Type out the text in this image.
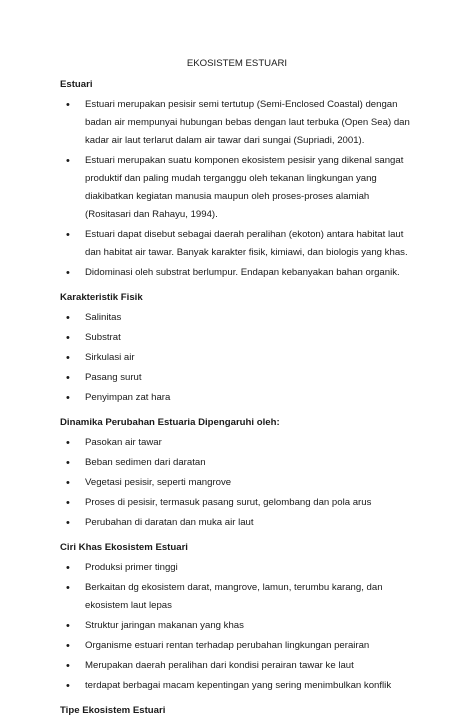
EKOSISTEM ESTUARI
Estuari
• Estuari merupakan pesisir semi tertutup (Semi-Enclosed Coastal) dengan badan air mempunyai hubungan bebas dengan laut terbuka (Open Sea) dan kadar air laut terlarut dalam air tawar dari sungai (Supriadi, 2001).
• Estuari merupakan suatu komponen ekosistem pesisir yang dikenal sangat produktif dan paling mudah terganggu oleh tekanan lingkungan yang diakibatkan kegiatan manusia maupun oleh proses-proses alamiah (Rositasari dan Rahayu, 1994).
• Estuari dapat disebut sebagai daerah peralihan (ekoton) antara habitat laut dan habitat air tawar. Banyak karakter fisik, kimiawi, dan biologis yang khas.
• Didominasi oleh substrat berlumpur. Endapan kebanyakan bahan organik.
Karakteristik Fisik
• Salinitas
• Substrat
• Sirkulasi air
• Pasang surut
• Penyimpan zat hara
Dinamika Perubahan Estuaria Dipengaruhi oleh:
• Pasokan air tawar
• Beban sedimen dari daratan
• Vegetasi pesisir, seperti mangrove
• Proses di pesisir, termasuk pasang surut, gelombang dan pola arus
• Perubahan di daratan dan muka air laut
Ciri Khas Ekosistem Estuari
• Produksi primer tinggi
• Berkaitan dg ekosistem darat, mangrove, lamun, terumbu karang, dan ekosistem laut lepas
• Struktur jaringan makanan yang khas
• Organisme estuari rentan terhadap perubahan lingkungan perairan
• Merupakan daerah peralihan dari kondisi perairan tawar ke laut
• terdapat berbagai macam kepentingan yang sering menimbulkan konflik
Tipe Ekosistem Estuari
